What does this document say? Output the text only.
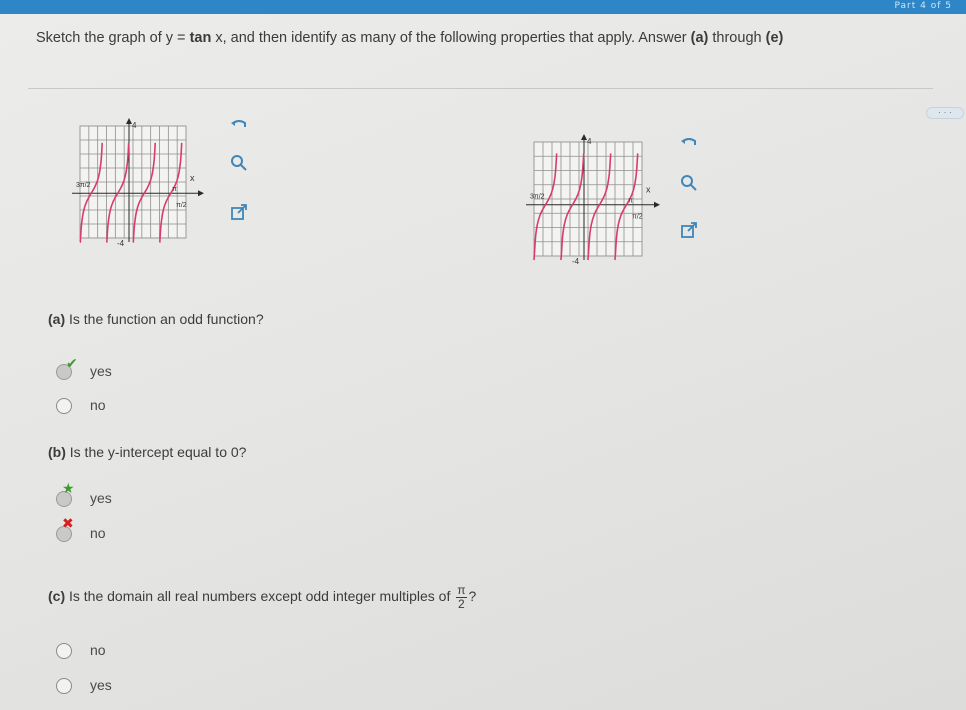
Part 4 of 5
Sketch the graph of y = tan x, and then identify as many of the following properties that apply. Answer (a) through (e)
· · ·
x
4
-4
3π/2
π
π/2
x
4
-4
3π/2
π
π/2
(a) Is the function an odd function?
✔ yes
no
(b) Is the y-intercept equal to 0?
★
yes
✖
no
(c) Is the domain all real numbers except odd integer multiples of $\frac{\pi}{2}$ ?
no
yes
